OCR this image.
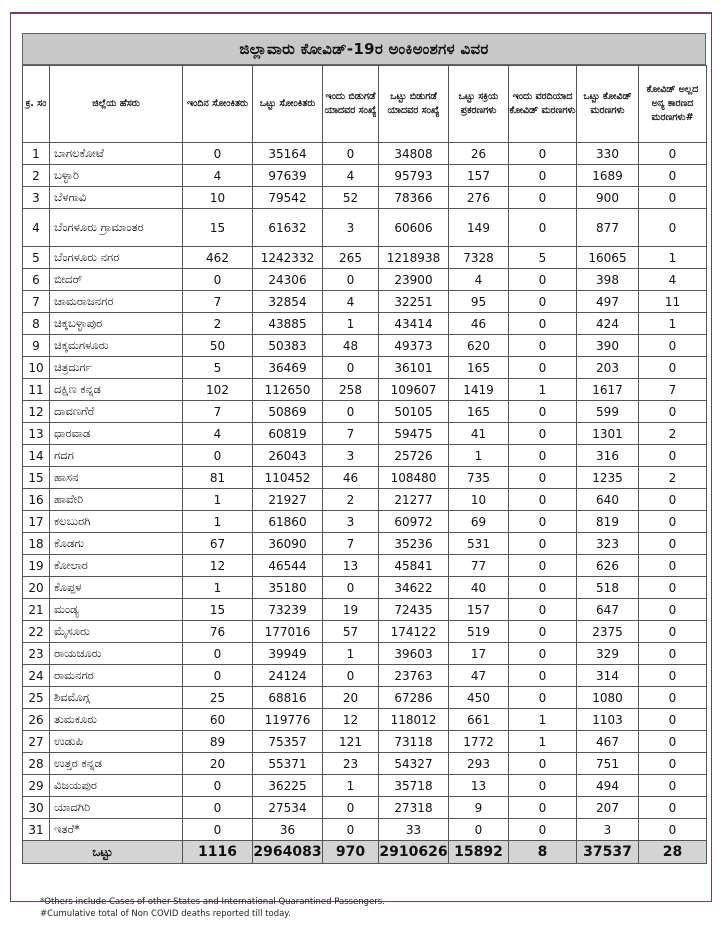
ಜಿಲ್ಲಾವಾರು ಕೋವಿಡ್-19ರ ಅಂಕಿಅಂಶಗಳ ವಿವರ
ಕ್ರ. ಸಂ	ಜಿಲ್ಲೆಯ ಹೆಸರು	ಇಂದಿನ ಸೋಂಕಿತರು	ಒಟ್ಟು ಸೋಂಕಿತರು	ಇಂದು ಬಿಡುಗಡೆ ಯಾದವರ ಸಂಖ್ಯೆ	ಒಟ್ಟು ಬಿಡುಗಡೆ ಯಾದವರ ಸಂಖ್ಯೆ	ಒಟ್ಟು ಸಕ್ರಿಯ ಪ್ರಕರಣಗಳು	ಇಂದು ವರದಿಯಾದ ಕೋವಿಡ್ ಮರಣಗಳು	ಒಟ್ಟು ಕೋವಿಡ್ ಮರಣಗಳು	ಕೋವಿಡ್ ಅಲ್ಲದ ಅನ್ಯ ಕಾರಣದ ಮರಣಗಳು#
1	ಬಾಗಲಕೋಟೆ	0	35164	0	34808	26	0	330	0
2	ಬಳ್ಳಾರಿ	4	97639	4	95793	157	0	1689	0
3	ಬೆಳಗಾವಿ	10	79542	52	78366	276	0	900	0
4	ಬೆಂಗಳೂರು ಗ್ರಾಮಾಂತರ	15	61632	3	60606	149	0	877	0
5	ಬೆಂಗಳೂರು ನಗರ	462	1242332	265	1218938	7328	5	16065	1
6	ಬೀದರ್	0	24306	0	23900	4	0	398	4
7	ಚಾಮರಾಜನಗರ	7	32854	4	32251	95	0	497	11
8	ಚಿಕ್ಕಬಳ್ಳಾಪುರ	2	43885	1	43414	46	0	424	1
9	ಚಿಕ್ಕಮಗಳೂರು	50	50383	48	49373	620	0	390	0
10	ಚಿತ್ರದುರ್ಗ	5	36469	0	36101	165	0	203	0
11	ದಕ್ಷಿಣ ಕನ್ನಡ	102	112650	258	109607	1419	1	1617	7
12	ದಾವಣಗೆರೆ	7	50869	0	50105	165	0	599	0
13	ಧಾರವಾಡ	4	60819	7	59475	41	0	1301	2
14	ಗದಗ	0	26043	3	25726	1	0	316	0
15	ಹಾಸನ	81	110452	46	108480	735	0	1235	2
16	ಹಾವೇರಿ	1	21927	2	21277	10	0	640	0
17	ಕಲಬುರಗಿ	1	61860	3	60972	69	0	819	0
18	ಕೊಡಗು	67	36090	7	35236	531	0	323	0
19	ಕೋಲಾರ	12	46544	13	45841	77	0	626	0
20	ಕೊಪ್ಪಳ	1	35180	0	34622	40	0	518	0
21	ಮಂಡ್ಯ	15	73239	19	72435	157	0	647	0
22	ಮೈಸೂರು	76	177016	57	174122	519	0	2375	0
23	ರಾಯಚೂರು	0	39949	1	39603	17	0	329	0
24	ರಾಮನಗರ	0	24124	0	23763	47	0	314	0
25	ಶಿವಮೊಗ್ಗ	25	68816	20	67286	450	0	1080	0
26	ತುಮಕೂರು	60	119776	12	118012	661	1	1103	0
27	ಉಡುಪಿ	89	75357	121	73118	1772	1	467	0
28	ಉತ್ತರ ಕನ್ನಡ	20	55371	23	54327	293	0	751	0
29	ವಿಜಯಪುರ	0	36225	1	35718	13	0	494	0
30	ಯಾದಗಿರಿ	0	27534	0	27318	9	0	207	0
31	ಇತರೆ*	0	36	0	33	0	0	3	0
ಒಟ್ಟು		1116	2964083	970	2910626	15892	8	37537	28
*Others include Cases of other States and International Quarantined Passengers.
#Cumulative total of Non COVID deaths reported till today.
